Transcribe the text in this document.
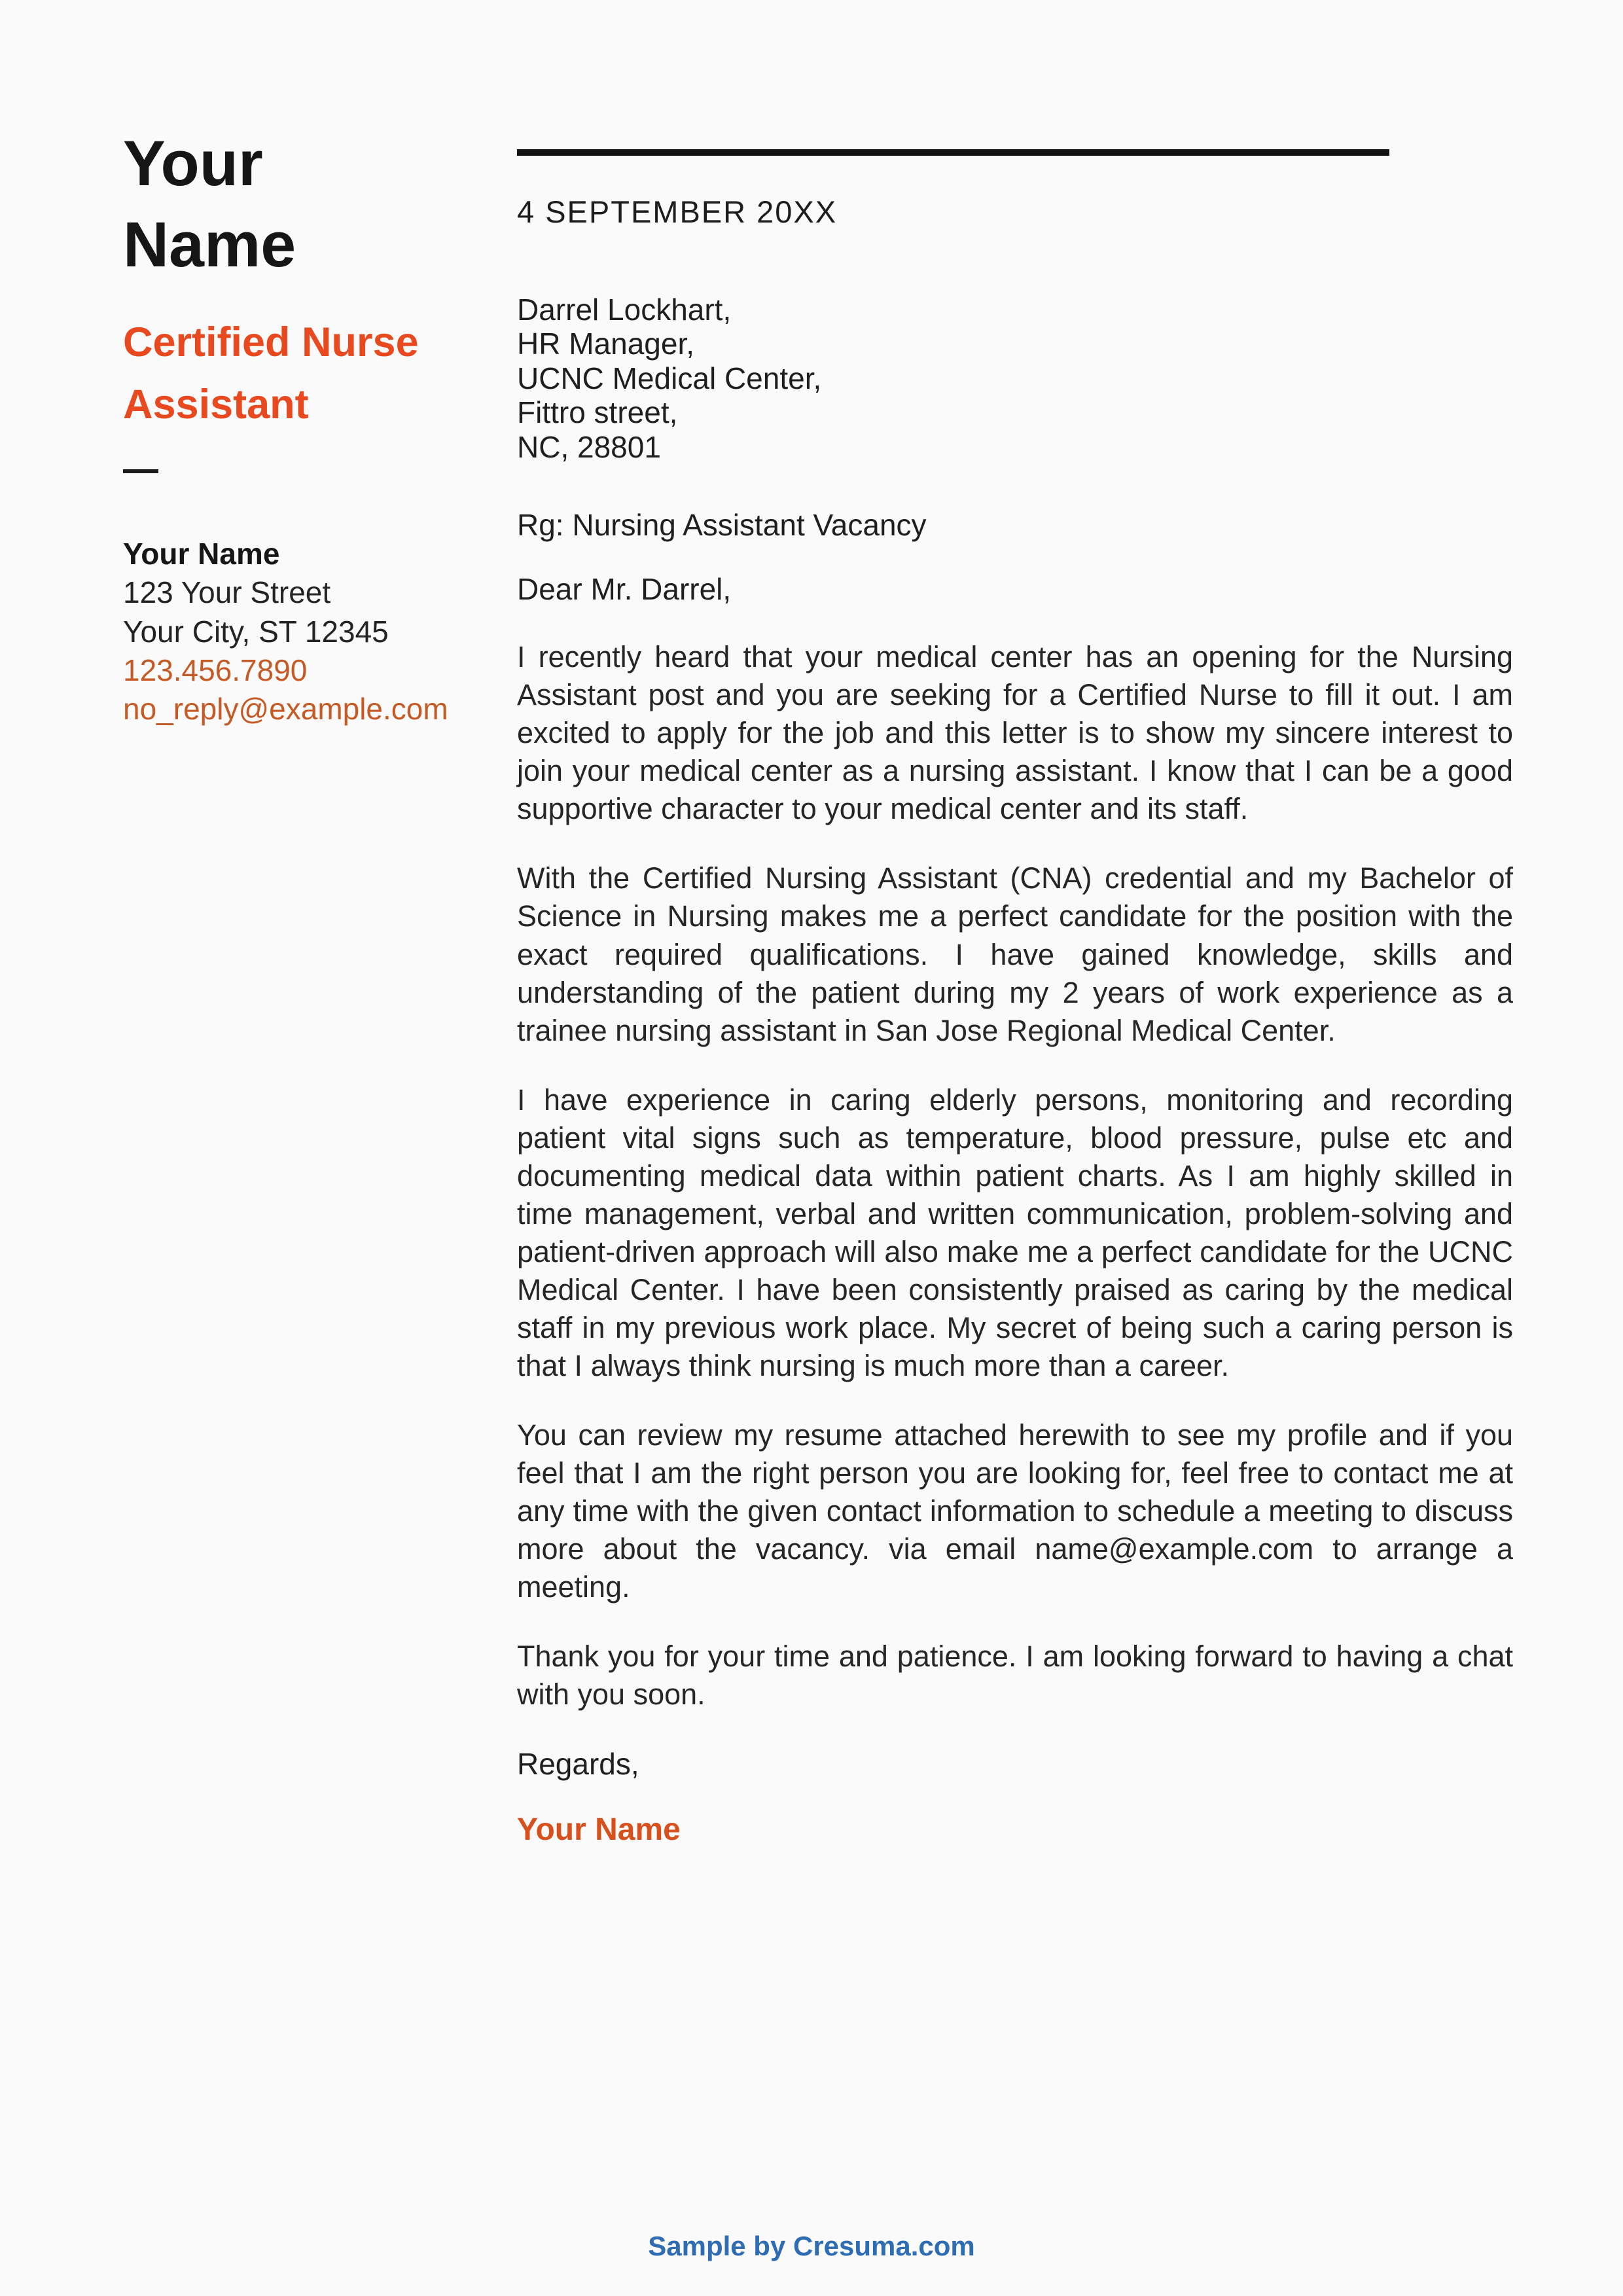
Your Name
Certified Nurse Assistant
Your Name
123 Your Street
Your City, ST 12345
123.456.7890
no_reply@example.com
4 SEPTEMBER 20XX
Darrel Lockhart,
HR Manager,
UCNC Medical Center,
Fittro street,
NC, 28801
Rg: Nursing Assistant Vacancy
Dear Mr. Darrel,

I recently heard that your medical center has an opening for the Nursing Assistant post and you are seeking for a Certified Nurse to fill it out. I am excited to apply for the job and this letter is to show my sincere interest to join your medical center as a nursing assistant. I know that I can be a good supportive character to your medical center and its staff.

With the Certified Nursing Assistant (CNA) credential and my Bachelor of Science in Nursing makes me a perfect candidate for the position with the exact required qualifications. I have gained knowledge, skills and understanding of the patient during my 2 years of work experience as a trainee nursing assistant in San Jose Regional Medical Center.

I have experience in caring elderly persons, monitoring and recording patient vital signs such as temperature, blood pressure, pulse etc and documenting medical data within patient charts. As I am highly skilled in time management, verbal and written communication, problem-solving and patient-driven approach will also make me a perfect candidate for the UCNC Medical Center. I have been consistently praised as caring by the medical staff in my previous work place. My secret of being such a caring person is that I always think nursing is much more than a career.

You can review my resume attached herewith to see my profile and if you feel that I am the right person you are looking for, feel free to contact me at any time with the given contact information to schedule a meeting to discuss more about the vacancy. via email name@example.com to arrange a meeting.

Thank you for your time and patience. I am looking forward to having a chat with you soon.

Regards,
Your Name
Sample by Cresuma.com
